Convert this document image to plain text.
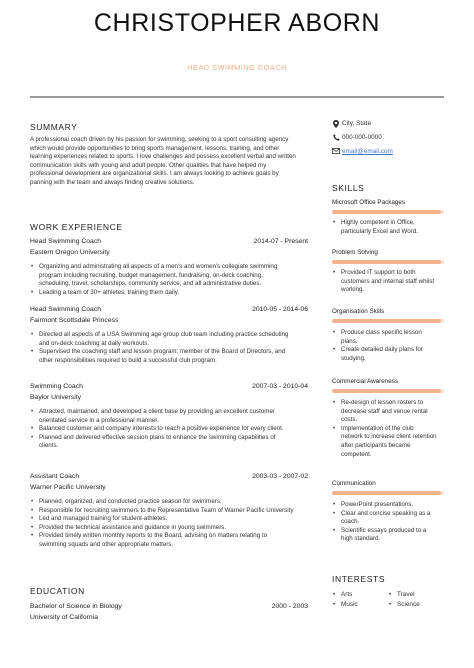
CHRISTOPHER ABORN
HEAD SWIMMING COACH
SUMMARY
A professional coach driven by his passion for swimming, seeking to a sport consulting agency
which would provide opportunities to bring sports management, lessons, training, and other
learning experiences related to sports. I love challenges and possess excellent verbal and written
communication skills with young and adult people. Other qualities that have helped my
professional development are organizational skills. I am always looking to achieve goals by
panning with the team and always finding creative solutions.
WORK EXPERIENCE
Head Swimming Coach	2014-07 - Present
Eastern Oregon University
• Organizing and administrating all aspects of a men's and women's collegiate swimming
program including recruiting, budget management, fundraising, on-deck coaching,
scheduling, travel, scholarships, community service, and all administrative duties.
• Leading a team of 30+ athletes, training them daily.
Head Swimming Coach	2010-05 - 2014-06
Fairmont Scottsdale Princess
• Directed all aspects of a USA Swimming age group club team including practice scheduling
and on-deck coaching at daily workouts.
• Supervised the coaching staff and lesson program; member of the Board of Directors, and
other responsibilities required to build a successful club program.
Swimming Coach	2007-03 - 2010-04
Baylor University
• Attracted, maintained, and developed a client base by providing an excellent customer
orientated service in a professional manner.
• Balanced customer and company interests to reach a positive experience for every client.
• Planned and delivered effective session plans to enhance the swimming capabilities of
clients.
Assistant Coach	2003-03 - 2007-02
Warner Pacific University
• Planned, organized, and conducted practice season for swimmers.
• Responsible for recruiting swimmers to the Representative Team of Warner Pacific University
• Led and managed training for student-athletes.
• Provided the technical assistance and guidance in young swimmers.
• Provided timely written monthly reports to the Board, advising on matters relating to
swimming squads and other appropriate matters.
EDUCATION
Bachelor of Science in Biology	2000 - 2003
University of California
City, State
000-000-0000
email@email.com
SKILLS
Microsoft Office Packages
• Highly competent in Office,
particularly Excel and Word.
Problem Solving
• Provided IT support to both
customers and internal staff whilst
working.
Organisation Skills
• Produce class specific lesson
plans.
• Create detailed daily plans for
studying.
Commercial Awareness
• Re-design of lesson rosters to
decrease staff and venue rental
costs.
• Implementation of the club
network to increase client retention
after participants became
competent.
Communication
• PowerPoint presentations.
• Clear and concise speaking as a
coach.
• Scientific essays produced to a
high standard.
INTERESTS
• Arts
• Music
• Travel
• Science
